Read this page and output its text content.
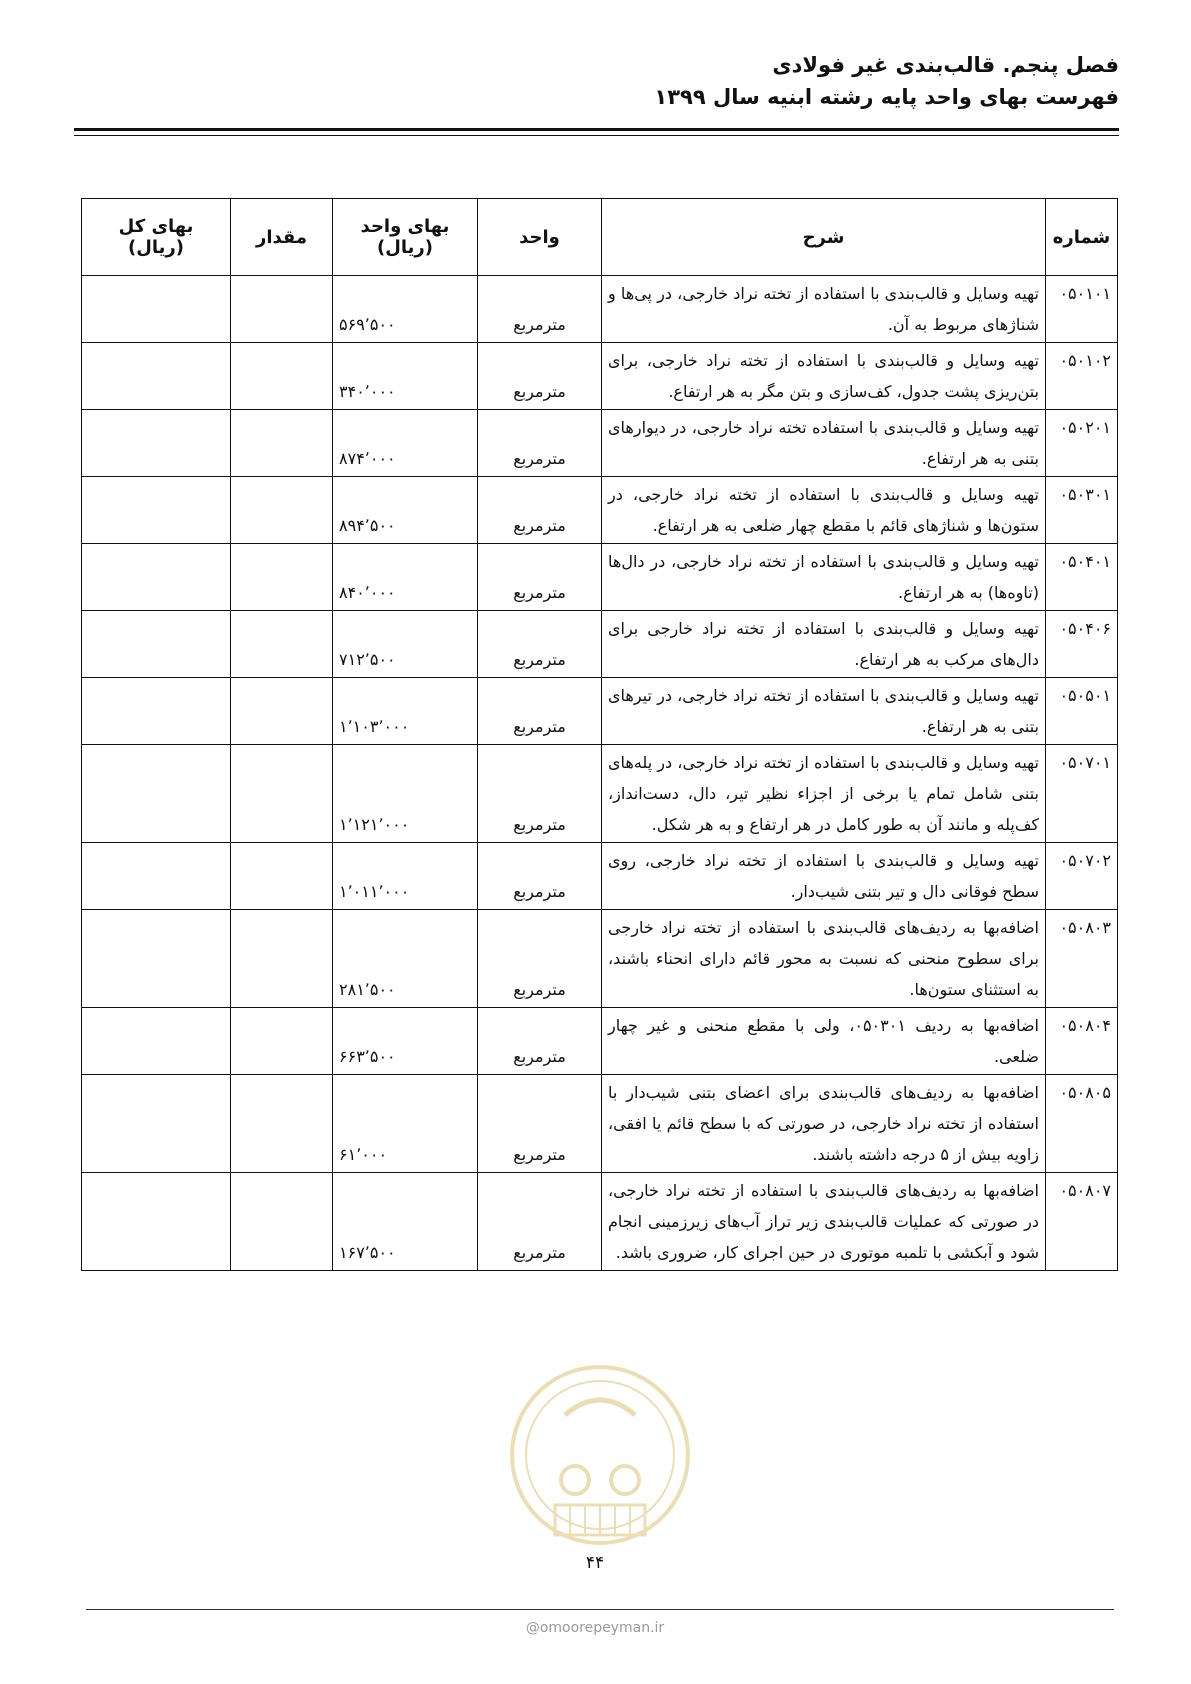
فصل پنجم. قالب‌بندی غیر فولادی
فهرست بهای واحد پایه رشته ابنیه سال ۱۳۹۹
شماره	شرح	واحد	بهای واحد (ریال)	مقدار	بهای کل (ریال)
۰۵۰۱۰۱	تهیه وسایل و قالب‌بندی با استفاده از تخته نراد خارجی، در پی‌ها و شناژهای مربوط به آن.	مترمربع	۵۶۹٬۵۰۰		
۰۵۰۱۰۲	تهیه وسایل و قالب‌بندی با استفاده از تخته نراد خارجی، برای بتن‌ریزی پشت جدول، کف‌سازی و بتن مگر به هر ارتفاع.	مترمربع	۳۴۰٬۰۰۰		
۰۵۰۲۰۱	تهیه وسایل و قالب‌بندی با استفاده تخته نراد خارجی، در دیوارهای بتنی به هر ارتفاع.	مترمربع	۸۷۴٬۰۰۰		
۰۵۰۳۰۱	تهیه وسایل و قالب‌بندی با استفاده از تخته نراد خارجی، در ستون‌ها و شناژهای قائم با مقطع چهار ضلعی به هر ارتفاع.	مترمربع	۸۹۴٬۵۰۰		
۰۵۰۴۰۱	تهیه وسایل و قالب‌بندی با استفاده از تخته نراد خارجی، در دال‌ها (تاوه‌ها) به هر ارتفاع.	مترمربع	۸۴۰٬۰۰۰		
۰۵۰۴۰۶	تهیه وسایل و قالب‌بندی با استفاده از تخته نراد خارجی برای دال‌های مرکب به هر ارتفاع.	مترمربع	۷۱۲٬۵۰۰		
۰۵۰۵۰۱	تهیه وسایل و قالب‌بندی با استفاده از تخته نراد خارجی، در تیرهای بتنی به هر ارتفاع.	مترمربع	۱٬۱۰۳٬۰۰۰		
۰۵۰۷۰۱	تهیه وسایل و قالب‌بندی با استفاده از تخته نراد خارجی، در پله‌های بتنی شامل تمام یا برخی از اجزاء نظیر تیر، دال، دست‌انداز، کف‌پله و مانند آن به طور کامل در هر ارتفاع و به هر شکل.	مترمربع	۱٬۱۲۱٬۰۰۰		
۰۵۰۷۰۲	تهیه وسایل و قالب‌بندی با استفاده از تخته نراد خارجی، روی سطح فوقانی دال و تیر بتنی شیب‌دار.	مترمربع	۱٬۰۱۱٬۰۰۰		
۰۵۰۸۰۳	اضافه‌بها به ردیف‌های قالب‌بندی با استفاده از تخته نراد خارجی برای سطوح منحنی که نسبت به محور قائم دارای انحناء باشند، به استثنای ستون‌ها.	مترمربع	۲۸۱٬۵۰۰		
۰۵۰۸۰۴	اضافه‌بها به ردیف ۰۵۰۳۰۱، ولی با مقطع منحنی و غیر چهار ضلعی.	مترمربع	۶۶۳٬۵۰۰		
۰۵۰۸۰۵	اضافه‌بها به ردیف‌های قالب‌بندی برای اعضای بتنی شیب‌دار با استفاده از تخته نراد خارجی، در صورتی که با سطح قائم یا افقی، زاویه بیش از ۵ درجه داشته باشند.	مترمربع	۶۱٬۰۰۰		
۰۵۰۸۰۷	اضافه‌بها به ردیف‌های قالب‌بندی با استفاده از تخته نراد خارجی، در صورتی که عملیات قالب‌بندی زیر تراز آب‌های زیرزمینی انجام شود و آبکشی با تلمبه موتوری در حین اجرای کار، ضروری باشد.	مترمربع	۱۶۷٬۵۰۰		
۴۴
@omoorepeyman.ir
